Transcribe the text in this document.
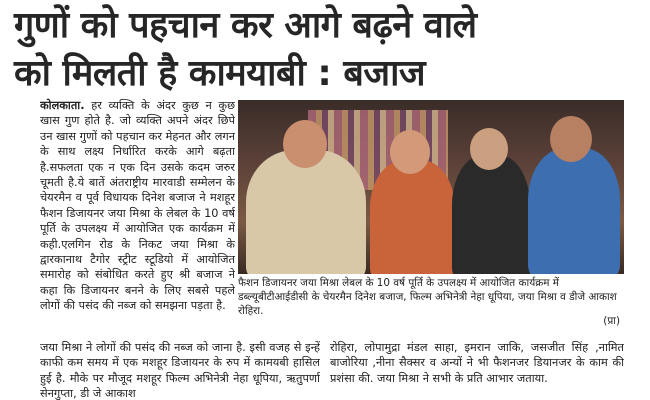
गुणों को पहचान कर आगे बढ़ने वाले
को मिलती है कामयाबी : बजाज
कोलकाता. हर व्यक्ति के अंदर कुछ न कुछ खास गुण होते है. जो व्यक्ति अपने अंदर छिपे उन खास गुणों को पहचान कर मेहनत और लगन के साथ लक्ष्य निर्धारित करके आगे बढ़ता है.सफलता एक न एक दिन उसके कदम जरुर चूमती है.ये बातें अंतराष्ट्रीय मारवाडी सम्मेलन के चेयरमैन व पूर्व विधायक दिनेश बजाज ने मशहूर फैशन डिजायनर जया मिश्रा के लेबल के 10 वर्ष पूर्ति के उपलक्ष्य में आयोजित एक कार्यक्रम में कही.एलगिन रोड के निकट जया मिश्रा के द्वारकानाथ टैगोर स्ट्रीट स्टूडियो में आयोजित समारोह को संबोधित करते हुए श्री बजाज ने कहा कि डिजायनर बनने के लिए सबसे पहले लोगों की पसंद की नब्ज को समझना पड़ता है.
फैशन डिजायनर जया मिश्रा लेबल के 10 वर्ष पूर्ति के उपलक्ष्य में आयोजित कार्यक्रम में डब्ल्यूबीटीआईडीसी के चेयरमैन दिनेश बजाज, फिल्म अभिनेत्री नेहा धूपिया, जया मिश्रा व डीजे आकाश रोहिरा.
(प्रा)
जया मिश्रा ने लोगों की पसंद की नब्ज को जाना है. इसी वजह से इन्हें काफी कम समय में एक मशहूर डिजायनर के रुप में कामयबी हासिल हुई है. मौके पर मौजूद मशहूर फिल्म अभिनेत्री नेहा धूपिया, ऋतुपर्णा सेनगुप्ता, डी जे आकाश
रोहिरा, लोपामुद्रा मंडल साहा, इमरान जाकि, जसजीत सिंह ,नामित बाजोरिया ,नीना सैक्सर व अन्यों ने भी फैशनजर डियानजर के काम की प्रशंसा की. जया मिश्रा ने सभी के प्रति आभार जताया.
